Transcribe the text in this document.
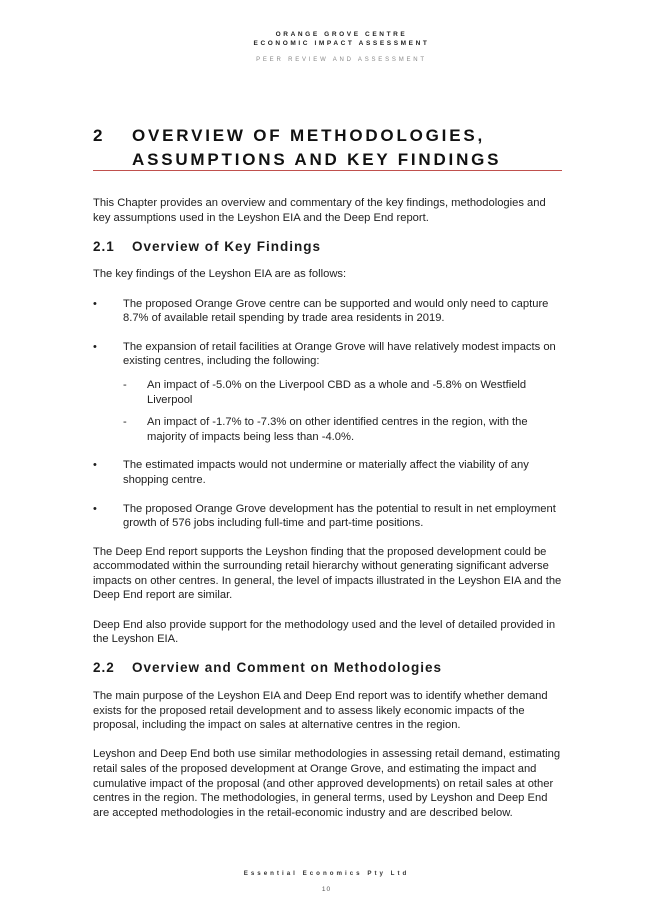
ORANGE GROVE CENTRE
ECONOMIC IMPACT ASSESSMENT
PEER REVIEW AND ASSESSMENT
2	OVERVIEW OF METHODOLOGIES,
ASSUMPTIONS AND KEY FINDINGS

This Chapter provides an overview and commentary of the key findings, methodologies and key assumptions used in the Leyshon EIA and the Deep End report.

2.1	Overview of Key Findings

The key findings of the Leyshon EIA are as follows:

• The proposed Orange Grove centre can be supported and would only need to capture 8.7% of available retail spending by trade area residents in 2019.
• The expansion of retail facilities at Orange Grove will have relatively modest impacts on existing centres, including the following:
- An impact of -5.0% on the Liverpool CBD as a whole and -5.8% on Westfield Liverpool
- An impact of -1.7% to -7.3% on other identified centres in the region, with the majority of impacts being less than -4.0%.
• The estimated impacts would not undermine or materially affect the viability of any shopping centre.
• The proposed Orange Grove development has the potential to result in net employment growth of 576 jobs including full-time and part-time positions.

The Deep End report supports the Leyshon finding that the proposed development could be accommodated within the surrounding retail hierarchy without generating significant adverse impacts on other centres. In general, the level of impacts illustrated in the Leyshon EIA and the Deep End report are similar.

Deep End also provide support for the methodology used and the level of detailed provided in the Leyshon EIA.

2.2	Overview and Comment on Methodologies

The main purpose of the Leyshon EIA and Deep End report was to identify whether demand exists for the proposed retail development and to assess likely economic impacts of the proposal, including the impact on sales at alternative centres in the region.

Leyshon and Deep End both use similar methodologies in assessing retail demand, estimating retail sales of the proposed development at Orange Grove, and estimating the impact and cumulative impact of the proposal (and other approved developments) on retail sales at other centres in the region. The methodologies, in general terms, used by Leyshon and Deep End are accepted methodologies in the retail-economic industry and are described below.

Essential Economics Pty Ltd
10
